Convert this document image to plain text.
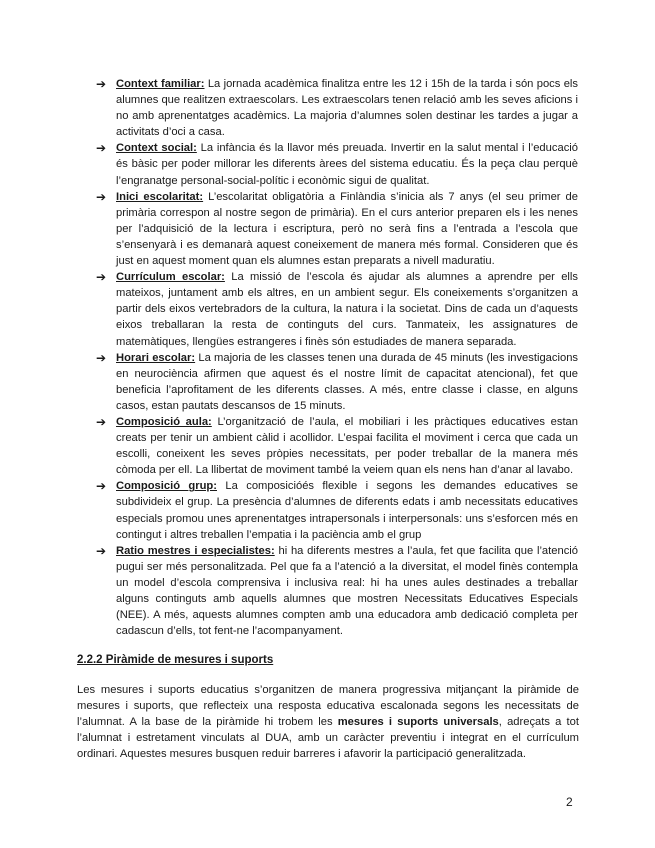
➔ Context familiar: La jornada acadèmica finalitza entre les 12 i 15h de la tarda i són pocs els alumnes que realitzen extraescolars. Les extraescolars tenen relació amb les seves aficions i no amb aprenentatges acadèmics. La majoria d’alumnes solen destinar les tardes a jugar a activitats d’oci a casa.
➔ Context social: La infància és la llavor més preuada. Invertir en la salut mental i l’educació és bàsic per poder millorar les diferents àrees del sistema educatiu. És la peça clau perquè l’engranatge personal-social-polític i econòmic sigui de qualitat.
➔ Inici escolaritat: L’escolaritat obligatòria a Finlàndia s’inicia als 7 anys (el seu primer de primària correspon al nostre segon de primària). En el curs anterior preparen els i les nenes per l’adquisició de la lectura i escriptura, però no serà fins a l’entrada a l’escola que s’ensenyarà i es demanarà aquest coneixement de manera més formal. Consideren que és just en aquest moment quan els alumnes estan preparats a nivell maduratiu.
➔ Currículum escolar: La missió de l’escola és ajudar als alumnes a aprendre per ells mateixos, juntament amb els altres, en un ambient segur. Els coneixements s’organitzen a partir dels eixos vertebradors de la cultura, la natura i la societat. Dins de cada un d’aquests eixos treballaran la resta de continguts del curs. Tanmateix, les assignatures de matemàtiques, llengües estrangeres i finès són estudiades de manera separada.
➔ Horari escolar: La majoria de les classes tenen una durada de 45 minuts (les investigacions en neurociència afirmen que aquest és el nostre límit de capacitat atencional), fet que beneficia l’aprofitament de les diferents classes. A més, entre classe i classe, en alguns casos, estan pautats descansos de 15 minuts.
➔ Composició aula: L’organització de l’aula, el mobiliari i les pràctiques educatives estan creats per tenir un ambient càlid i acollidor. L’espai facilita el moviment i cerca que cada un escolli, coneixent les seves pròpies necessitats, per poder treballar de la manera més còmoda per ell. La llibertat de moviment també la veiem quan els nens han d’anar al lavabo.
➔ Composició grup: La composicióés flexible i segons les demandes educatives se subdivideix el grup. La presència d’alumnes de diferents edats i amb necessitats educatives especials promou unes aprenentatges intrapersonals i interpersonals: uns s’esforcen més en contingut i altres treballen l’empatia i la paciència amb el grup
➔ Ratio mestres i especialistes: hi ha diferents mestres a l’aula, fet que facilita que l’atenció pugui ser més personalitzada. Pel que fa a l’atenció a la diversitat, el model finès contempla un model d’escola comprensiva i inclusiva real: hi ha unes aules destinades a treballar alguns continguts amb aquells alumnes que mostren Necessitats Educatives Especials (NEE). A més, aquests alumnes compten amb una educadora amb dedicació completa per cadascun d’ells, tot fent-ne l’acompanyament.
2.2.2 Piràmide de mesures i suports

Les mesures i suports educatius s’organitzen de manera progressiva mitjançant la piràmide de mesures i suports, que reflecteix una resposta educativa escalonada segons les necessitats de l’alumnat. A la base de la piràmide hi trobem les mesures i suports universals, adreçats a tot l’alumnat i estretament vinculats al DUA, amb un caràcter preventiu i integrat en el currículum ordinari. Aquestes mesures busquen reduir barreres i afavorir la participació generalitzada.

2
